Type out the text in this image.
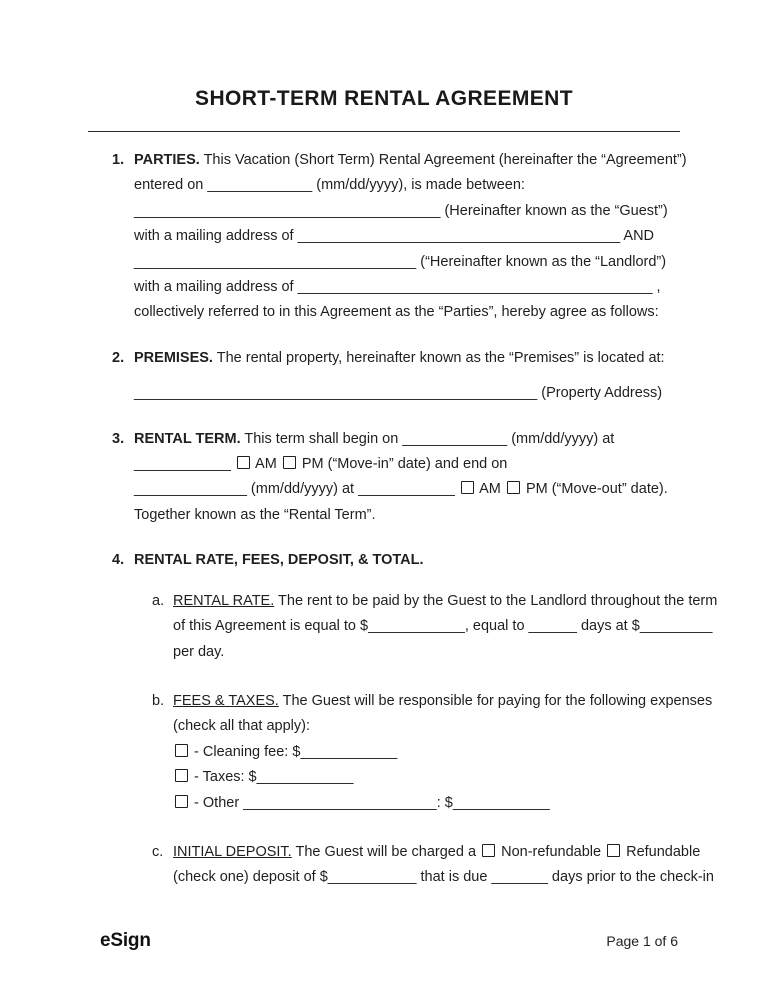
SHORT-TERM RENTAL AGREEMENT
1. PARTIES. This Vacation (Short Term) Rental Agreement (hereinafter the “Agreement”)
entered on _____________ (mm/dd/yyyy), is made between:
______________________________________ (Hereinafter known as the “Guest”)
with a mailing address of ________________________________________ AND
___________________________________ (“Hereinafter known as the “Landlord”)
with a mailing address of ____________________________________________ ,
collectively referred to in this Agreement as the “Parties”, hereby agree as follows:
2. PREMISES. The rental property, hereinafter known as the “Premises” is located at:
__________________________________________________ (Property Address)
3. RENTAL TERM. This term shall begin on _____________ (mm/dd/yyyy) at
____________  AM  PM (“Move-in” date) and end on
______________ (mm/dd/yyyy) at ____________  AM  PM (“Move-out” date).
Together known as the “Rental Term”.
4. RENTAL RATE, FEES, DEPOSIT, & TOTAL.
a. RENTAL RATE. The rent to be paid by the Guest to the Landlord throughout the term
of this Agreement is equal to $____________, equal to ______ days at $_________
per day.
b. FEES & TAXES. The Guest will be responsible for paying for the following expenses
(check all that apply):
- Cleaning fee: $____________
- Taxes: $____________
- Other ________________________: $____________
c. INITIAL DEPOSIT. The Guest will be charged a  Non-refundable  Refundable
(check one) deposit of $___________ that is due _______ days prior to the check-in
eSign	Page 1 of 6
